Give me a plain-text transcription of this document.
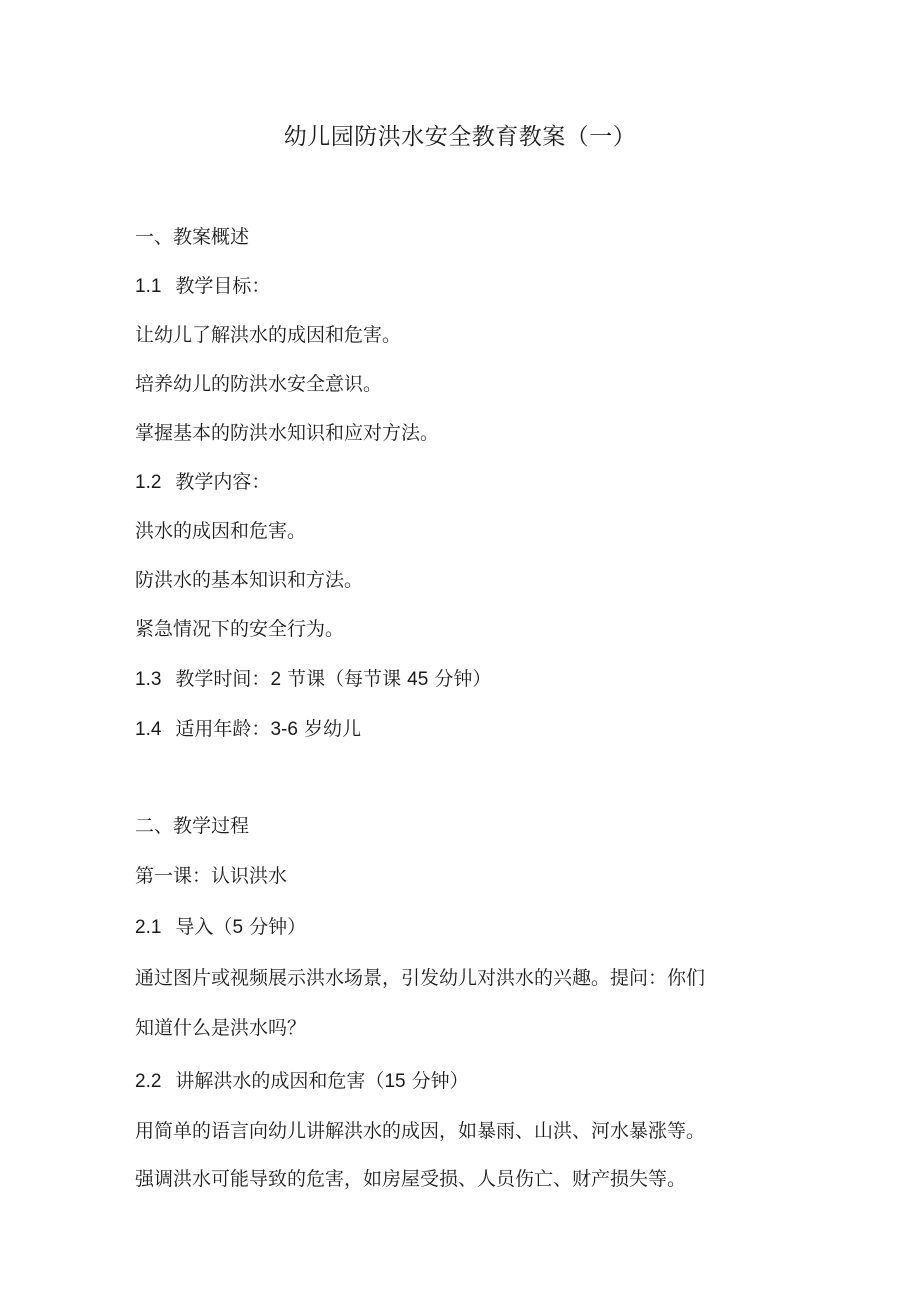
幼儿园防洪水安全教育教案（一）
一、教案概述
1.1 教学目标：
让幼儿了解洪水的成因和危害。
培养幼儿的防洪水安全意识。
掌握基本的防洪水知识和应对方法。
1.2 教学内容：
洪水的成因和危害。
防洪水的基本知识和方法。
紧急情况下的安全行为。
1.3 教学时间：2 节课（每节课 45 分钟）
1.4 适用年龄：3-6 岁幼儿
二、教学过程
第一课：认识洪水
2.1 导入（5 分钟）
通过图片或视频展示洪水场景，引发幼儿对洪水的兴趣。提问：你们
知道什么是洪水吗？
2.2 讲解洪水的成因和危害（15 分钟）
用简单的语言向幼儿讲解洪水的成因，如暴雨、山洪、河水暴涨等。
强调洪水可能导致的危害，如房屋受损、人员伤亡、财产损失等。
